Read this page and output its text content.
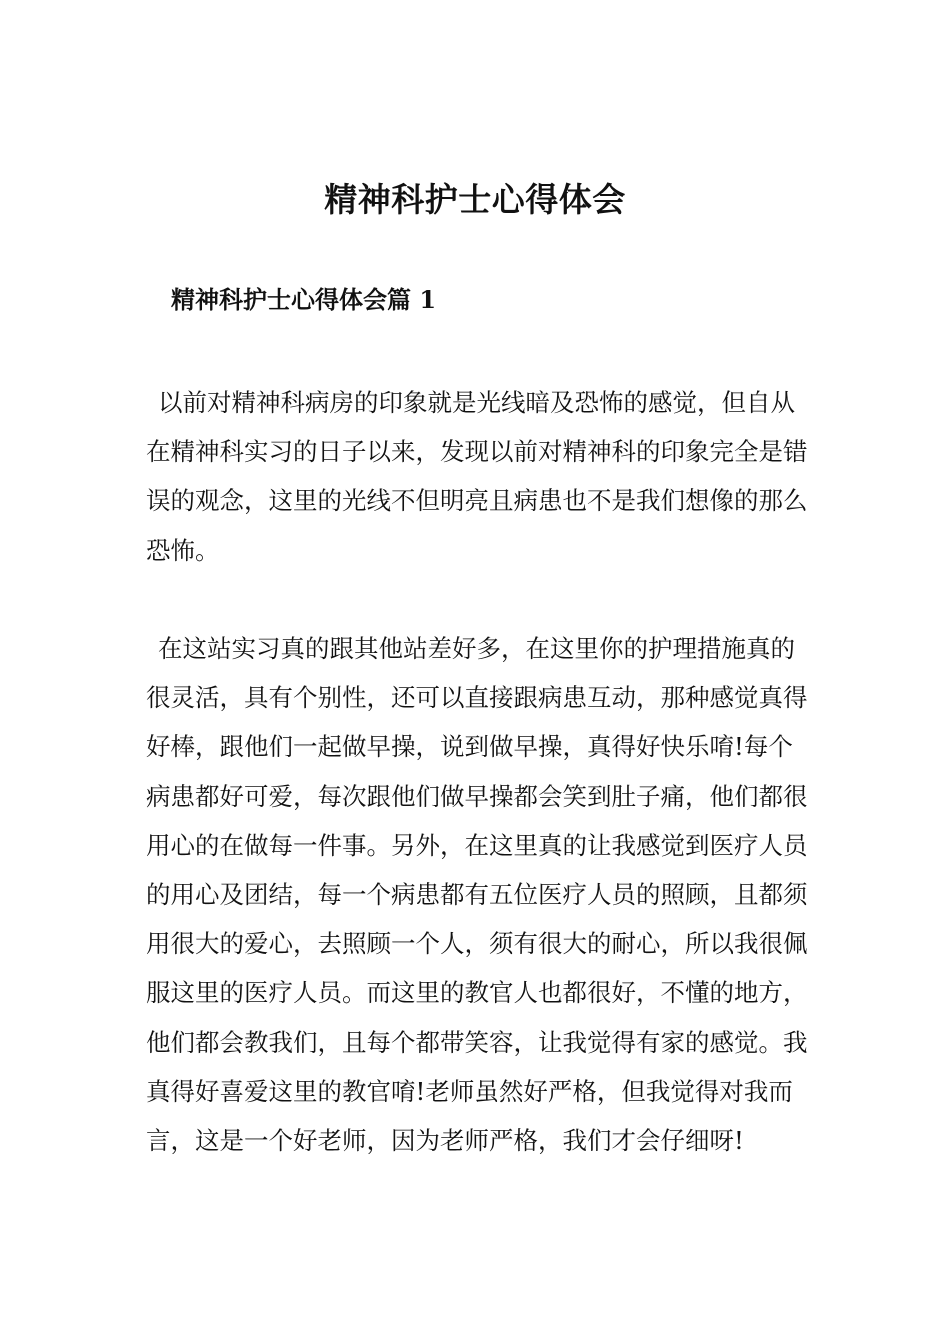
精神科护士心得体会
精神科护士心得体会篇 1

以前对精神科病房的印象就是光线暗及恐怖的感觉，但自从在精神科实习的日子以来，发现以前对精神科的印象完全是错误的观念，这里的光线不但明亮且病患也不是我们想像的那么恐怖。

在这站实习真的跟其他站差好多，在这里你的护理措施真的很灵活，具有个别性，还可以直接跟病患互动，那种感觉真得好棒，跟他们一起做早操，说到做早操，真得好快乐唷!每个病患都好可爱，每次跟他们做早操都会笑到肚子痛，他们都很用心的在做每一件事。另外，在这里真的让我感觉到医疗人员的用心及团结，每一个病患都有五位医疗人员的照顾，且都须用很大的爱心，去照顾一个人，须有很大的耐心，所以我很佩服这里的医疗人员。而这里的教官人也都很好，不懂的地方，他们都会教我们，且每个都带笑容，让我觉得有家的感觉。我真得好喜爱这里的教官唷!老师虽然好严格，但我觉得对我而言，这是一个好老师，因为老师严格，我们才会仔细呀!
